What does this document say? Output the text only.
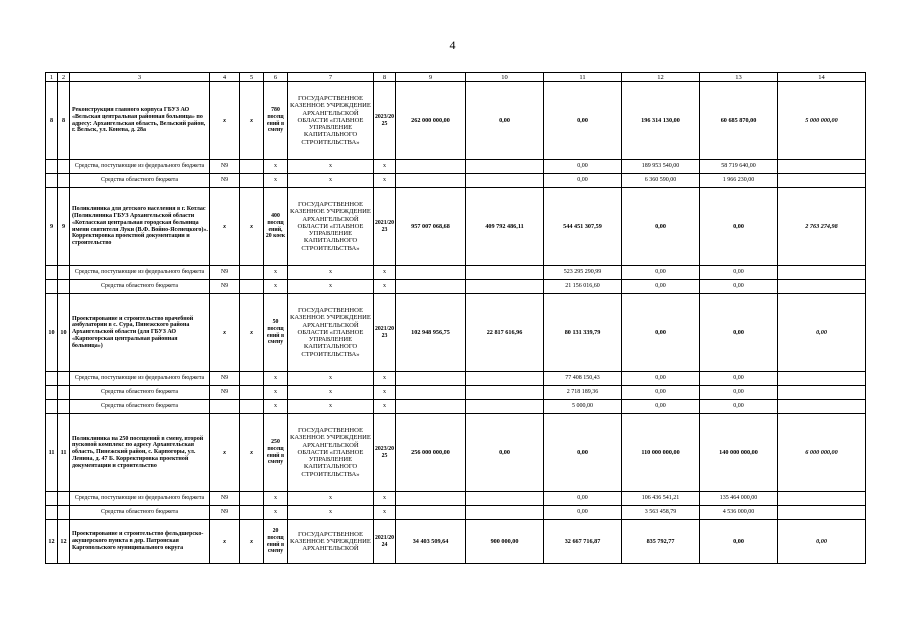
4
1	2	3	4	5	6	7	8	9	10	11	12	13	14
8	8	Реконструкция главного корпуса ГБУЗ АО «Вельская центральная районная больница» по адресу: Архангельская область, Вельский район, г. Вельск, ул. Конева, д. 28а	х	х	780 посещ ений в смену	ГОСУДАРСТВЕННОЕ КАЗЕННОЕ УЧРЕЖДЕНИЕ АРХАНГЕЛЬСКОЙ ОБЛАСТИ «ГЛАВНОЕ УПРАВЛЕНИЕ КАПИТАЛЬНОГО СТРОИТЕЛЬСТВА»	2023/20 25	262 000 000,00	0,00	0,00	196 314 130,00	60 685 870,00	5 000 000,00
		Средства, поступающие из федерального бюджета	N9		х	х	х			0,00	189 953 540,00	58 719 640,00	
		Средства областного бюджета	N9		х	х	х			0,00	6 360 590,00	1 966 230,00	
9	9	Поликлиника для детского населения в г. Котлас (Поликлиника ГБУЗ Архангельской области «Котласская центральная городская больница имени святителя Луки (В.Ф. Войно-Ясенецкого)». Корректировка проектной документации и строительство	х	х	400 посещ ений, 20 коек	ГОСУДАРСТВЕННОЕ КАЗЕННОЕ УЧРЕЖДЕНИЕ АРХАНГЕЛЬСКОЙ ОБЛАСТИ «ГЛАВНОЕ УПРАВЛЕНИЕ КАПИТАЛЬНОГО СТРОИТЕЛЬСТВА»	2021/20 23	957 007 068,68	409 792 486,11	544 451 307,59	0,00	0,00	2 763 274,98
		Средства, поступающие из федерального бюджета	N9		х	х	х			523 295 290,99	0,00	0,00	
		Средства областного бюджета	N9		х	х	х			21 156 016,60	0,00	0,00	
10	10	Проектирование и строительство врачебной амбулатории в с. Сура, Пинежского района Архангельской области (для ГБУЗ АО «Карпогорская центральная районная больница»)	х	х	50 посещ ений в смену	ГОСУДАРСТВЕННОЕ КАЗЕННОЕ УЧРЕЖДЕНИЕ АРХАНГЕЛЬСКОЙ ОБЛАСТИ «ГЛАВНОЕ УПРАВЛЕНИЕ КАПИТАЛЬНОГО СТРОИТЕЛЬСТВА»	2021/20 23	102 948 956,75	22 817 616,96	80 131 339,79	0,00	0,00	0,00
		Средства, поступающие из федерального бюджета	N9		х	х	х			77 408 150,43	0,00	0,00	
		Средства областного бюджета	N9		х	х	х			2 718 189,36	0,00	0,00	
		Средства областного бюджета			х	х	х			5 000,00	0,00	0,00	
11	11	Поликлиника на 250 посещений в смену, второй пусковой комплекс по адресу Архангельская область, Пинежский район, с. Карпогоры, ул. Ленина, д. 47 Б. Корректировка проектной документации и строительство	х	х	250 посещ ений в смену	ГОСУДАРСТВЕННОЕ КАЗЕННОЕ УЧРЕЖДЕНИЕ АРХАНГЕЛЬСКОЙ ОБЛАСТИ «ГЛАВНОЕ УПРАВЛЕНИЕ КАПИТАЛЬНОГО СТРОИТЕЛЬСТВА»	2023/20 25	256 000 000,00	0,00	0,00	110 000 000,00	140 000 000,00	6 000 000,00
		Средства, поступающие из федерального бюджета	N9		х	х	х			0,00	106 436 541,21	135 464 000,00	
		Средства областного бюджета	N9		х	х	х			0,00	3 563 458,79	4 536 000,00	
12	12	Проектирование и строительство фельдшерско-акушерского пункта в дер. Патронская Каргопольского муниципального округа	х	х	20 посещ ений в смену	ГОСУДАРСТВЕННОЕ КАЗЕННОЕ УЧРЕЖДЕНИЕ АРХАНГЕЛЬСКОЙ	2021/20 24	34 403 509,64	900 000,00	32 667 716,87	835 792,77	0,00	0,00
